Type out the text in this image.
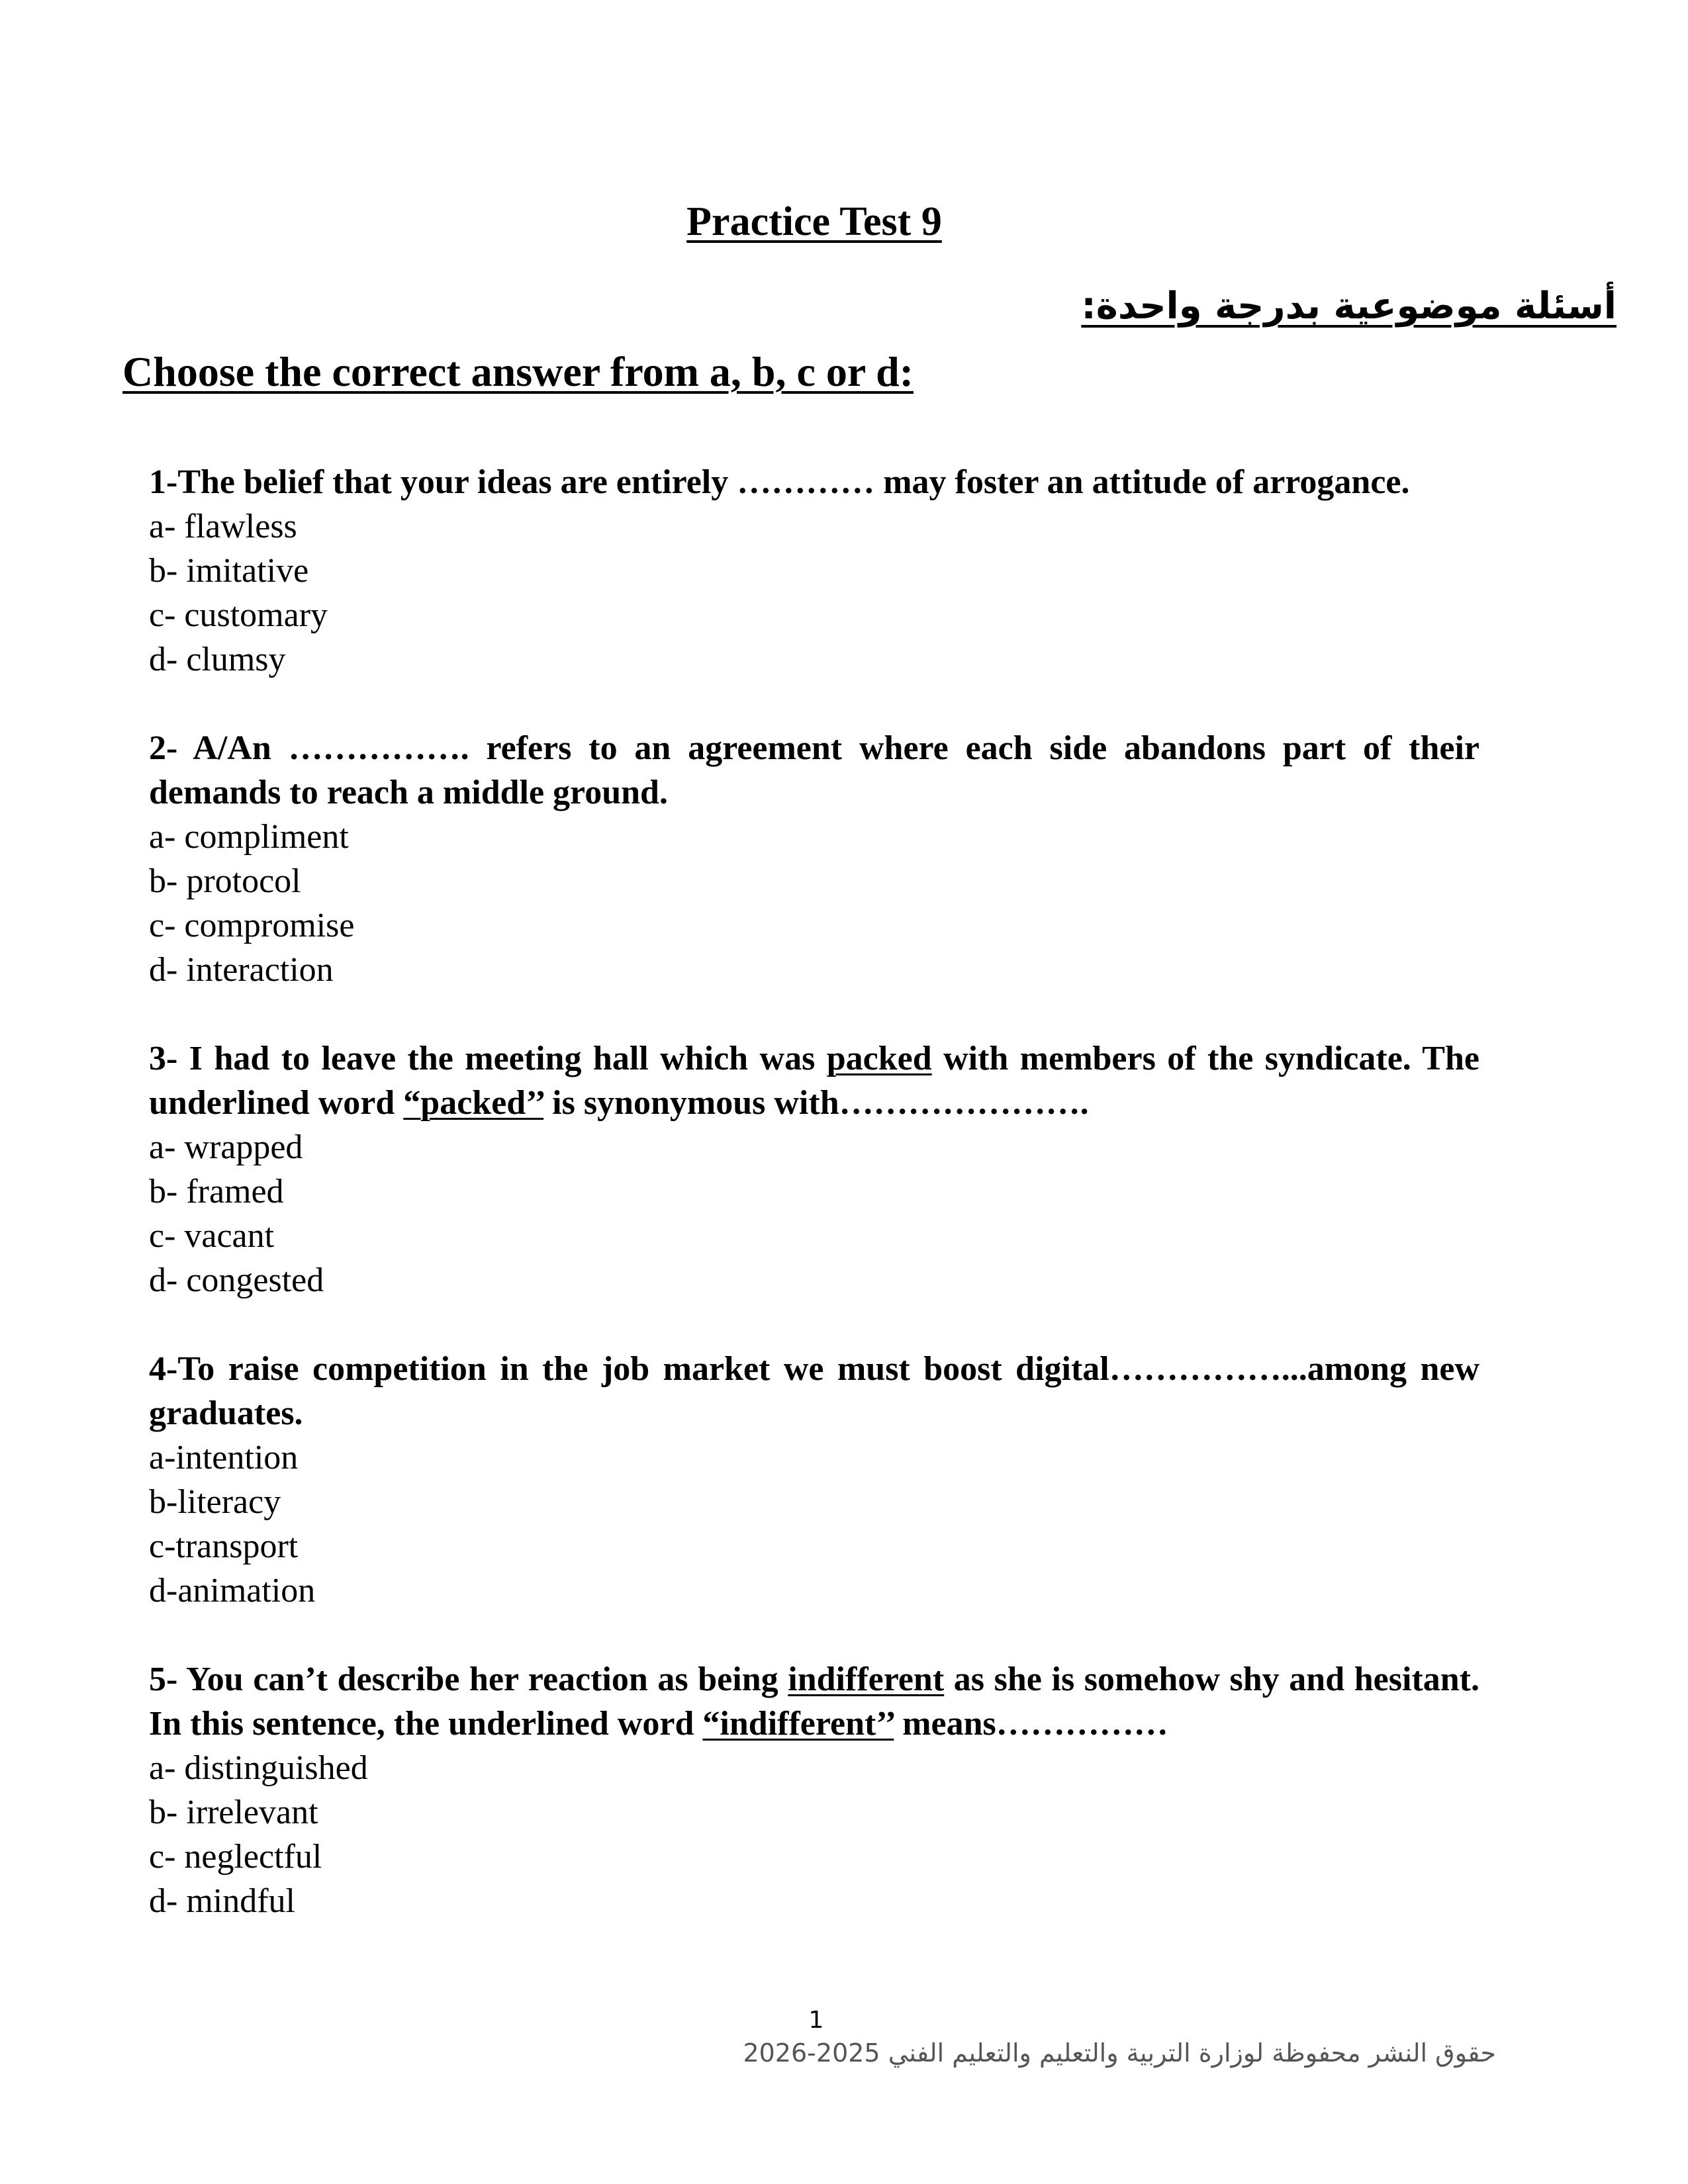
Practice Test 9
أسئلة موضوعية بدرجة واحدة:
Choose the correct answer from a, b, c or d:
1-The belief that your ideas are entirely ………… may foster an attitude of arrogance.
a- flawless
b- imitative
c- customary
d- clumsy
2- A/An ……………. refers to an agreement where each side abandons part of their demands to reach a middle ground.
a- compliment
b- protocol
c- compromise
d- interaction
3- I had to leave the meeting hall which was packed with members of the syndicate. The underlined word “packed’’ is synonymous with………………….
a- wrapped
b- framed
c- vacant
d- congested
4-To raise competition in the job market we must boost digital……………...among new graduates.
a-intention
b-literacy
c-transport
d-animation
5- You can’t describe her reaction as being indifferent as she is somehow shy and hesitant. In this sentence, the underlined word “indifferent’’ means……………
a- distinguished
b- irrelevant
c- neglectful
d- mindful
1
حقوق النشر محفوظة لوزارة التربية والتعليم والتعليم الفني 2025-2026
